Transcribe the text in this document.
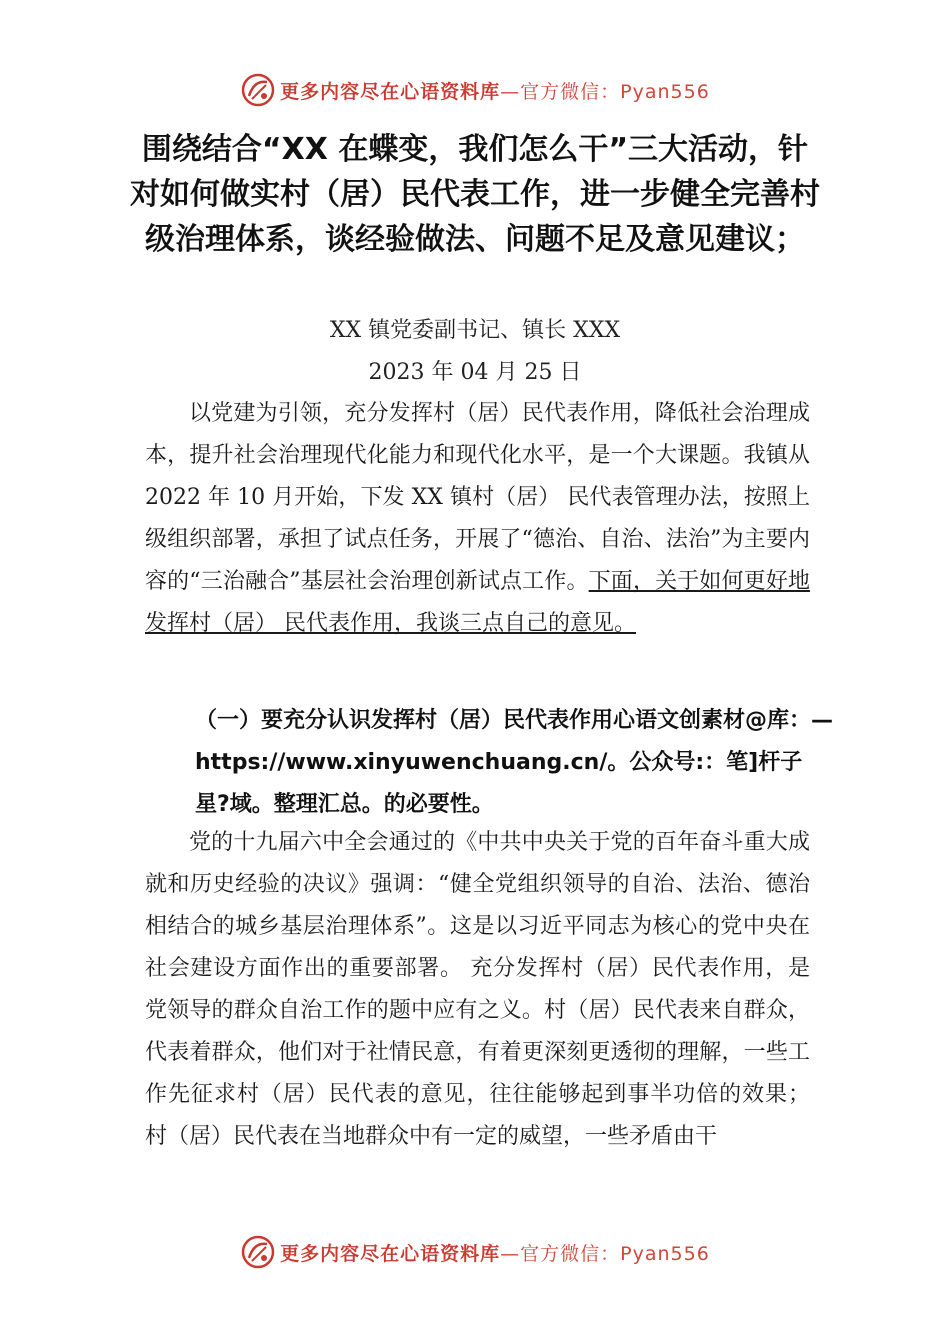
更多内容尽在心语资料库—官方微信：Pyan556
围绕结合“XX 在蝶变，我们怎么干”三大活动，针对如何做实村（居）民代表工作，进一步健全完善村级治理体系，谈经验做法、问题不足及意见建议；
XX 镇党委副书记、镇长 XXX
2023 年 04 月 25 日

以党建为引领，充分发挥村（居）民代表作用，降低社会治理成本，提升社会治理现代化能力和现代化水平，是一个大课题。我镇从 2022 年 10 月开始，下发 XX 镇村（居） 民代表管理办法，按照上级组织部署，承担了试点任务，开展了“德治、自治、法治”为主要内容的“三治融合”基层社会治理创新试点工作。下面，关于如何更好地发挥村（居） 民代表作用，我谈三点自己的意见。

（一）要充分认识发挥村（居）民代表作用心语文创素材@库：—https://www.xinyuwenchuang.cn/。公众号:：笔]杆子星?域。整理汇总。的必要性。

党的十九届六中全会通过的《中共中央关于党的百年奋斗重大成就和历史经验的决议》强调：“健全党组织领导的自治、法治、德治相结合的城乡基层治理体系”。这是以习近平同志为核心的党中央在社会建设方面作出的重要部署。 充分发挥村（居）民代表作用，是党领导的群众自治工作的题中应有之义。村（居）民代表来自群众，代表着群众，他们对于社情民意，有着更深刻更透彻的理解，一些工作先征求村（居）民代表的意见，往往能够起到事半功倍的效果； 村（居）民代表在当地群众中有一定的威望，一些矛盾由干

更多内容尽在心语资料库—官方微信：Pyan556
